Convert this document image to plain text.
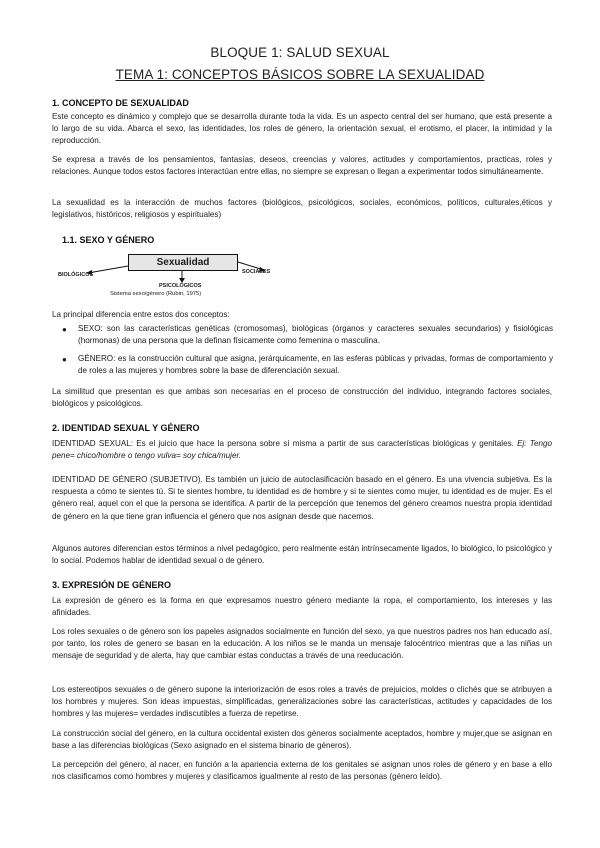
BLOQUE 1: SALUD SEXUAL
TEMA 1: CONCEPTOS BÁSICOS SOBRE LA SEXUALIDAD
1. CONCEPTO DE SEXUALIDAD
Este concepto es dinámico y complejo que se desarrolla durante toda la vida. Es un aspecto central del ser humano, que está presente a lo largo de su vida. Abarca el sexo, las identidades, los roles de género, la orientación sexual, el erotismo, el placer, la intimidad y la reproducción.
Se expresa a través de los pensamientos, fantasías, deseos, creencias y valores, actitudes y comportamientos, practicas, roles y relaciones. Aunque todos estos factores interactúan entre ellas, no siempre se expresan o llegan a experimentar todos simultáneamente.
La sexualidad es la interacción de muchos factores (biológicos, psicológicos, sociales, económicos, políticos, culturales,éticos y legislativos, históricos, religiosos y espirituales)
1.1. SEXO Y GÉNERO
Sexualidad
BIOLÓGICOS	SOCIALES
PSICOLÓGICOS
Sistema sexo/género (Rubin, 1975)
La principal diferencia entre estos dos conceptos:
● SEXO: son las características genéticas (cromosomas), biológicas (órganos y caracteres sexuales secundarios) y fisiológicas (hormonas) de una persona que la definan físicamente como femenina o masculina.
● GÉNERO: es la construcción cultural que asigna, jerárquicamente, en las esferas públicas y privadas, formas de comportamiento y de roles a las mujeres y hombres sobre la base de diferenciación sexual.
La similitud que presentan es que ambas son necesarias en el proceso de construcción del individuo, integrando factores sociales, biológicos y psicológicos.
2. IDENTIDAD SEXUAL Y GÉNERO
IDENTIDAD SEXUAL: Es el juicio que hace la persona sobre sí misma a partir de sus características biológicas y genitales. Ej: Tengo pene= chico/hombre o tengo vulva= soy chica/mujer.
IDENTIDAD DE GÉNERO (SUBJETIVO). Es también un juicio de autoclasificación basado en el género. Es una vivencia subjetiva. Es la respuesta a cómo te sientes tú. Si te sientes hombre, tu identidad es de hombre y si te sientes como mujer, tu identidad es de mujer. Es el género real, aquel con el que la persona se identifica. A partir de la percepción que tenemos del género creamos nuestra propia identidad de género en la que tiene gran influencia el género que nos asignan desde que nacemos.
Algunos autores diferencian estos términos a nivel pedagógico, pero realmente están intrínsecamente ligados, lo biológico, lo psicológico y lo social. Podemos hablar de identidad sexual o de género.
3. EXPRESIÓN DE GÉNERO
La expresión de género es la forma en que expresamos nuestro género mediante la ropa, el comportamiento, los intereses y las afinidades.
Los roles sexuales o de género son los papeles asignados socialmente en función del sexo, ya que nuestros padres nos han educado así, por tanto, los roles de genero se basan en la educación. A los niños se le manda un mensaje falocéntrico mientras que a las niñas un mensaje de seguridad y de alerta, hay que cambiar estas conductas a través de una reeducación.
Los estereotipos sexuales o de género supone la interiorización de esos roles a través de prejuicios, moldes o clichés que se atribuyen a los hombres y mujeres. Son ideas impuestas, simplificadas, generalizaciones sobre las características, actitudes y capacidades de los hombres y las mujeres= verdades indiscutibles a fuerza de repetirse.
La construcción social del género, en la cultura occidental existen dos géneros socialmente aceptados, hombre y mujer,que se asignan en base a las diferencias biológicas (Sexo asignado en el sistema binario de géneros).
La percepción del género, al nacer, en función a la apariencia externa de los genitales se asignan unos roles de género y en base a ello nos clasificamos como hombres y mujeres y clasificamos igualmente al resto de las personas (género leído).
